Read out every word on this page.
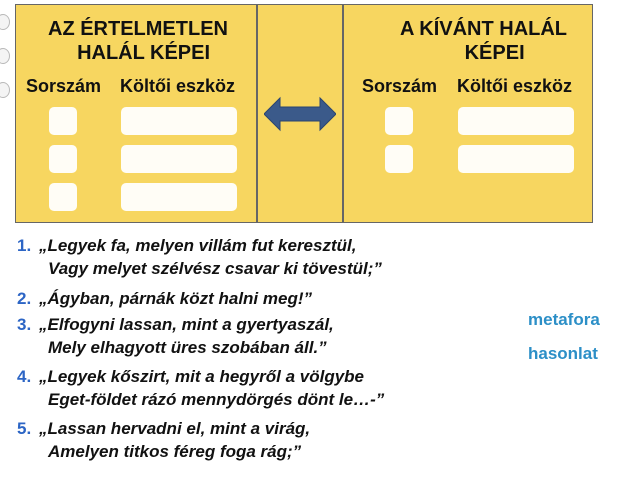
AZ ÉRTELMETLEN
HALÁL KÉPEI
Sorszám Költői eszköz
A KÍVÁNT HALÁL
KÉPEI
Sorszám Költői eszköz
1. „Legyek fa, melyen villám fut keresztül,
Vagy melyet szélvész csavar ki tövestül;”
2. „Ágyban, párnák közt halni meg!”
3. „Elfogyni lassan, mint a gyertyaszál,
Mely elhagyott üres szobában áll.”
4. „Legyek kőszirt, mit a hegyről a völgybe
Eget-földet rázó mennydörgés dönt le…-”
5. „Lassan hervadni el, mint a virág,
Amelyen titkos féreg foga rág;”
metafora
hasonlat
